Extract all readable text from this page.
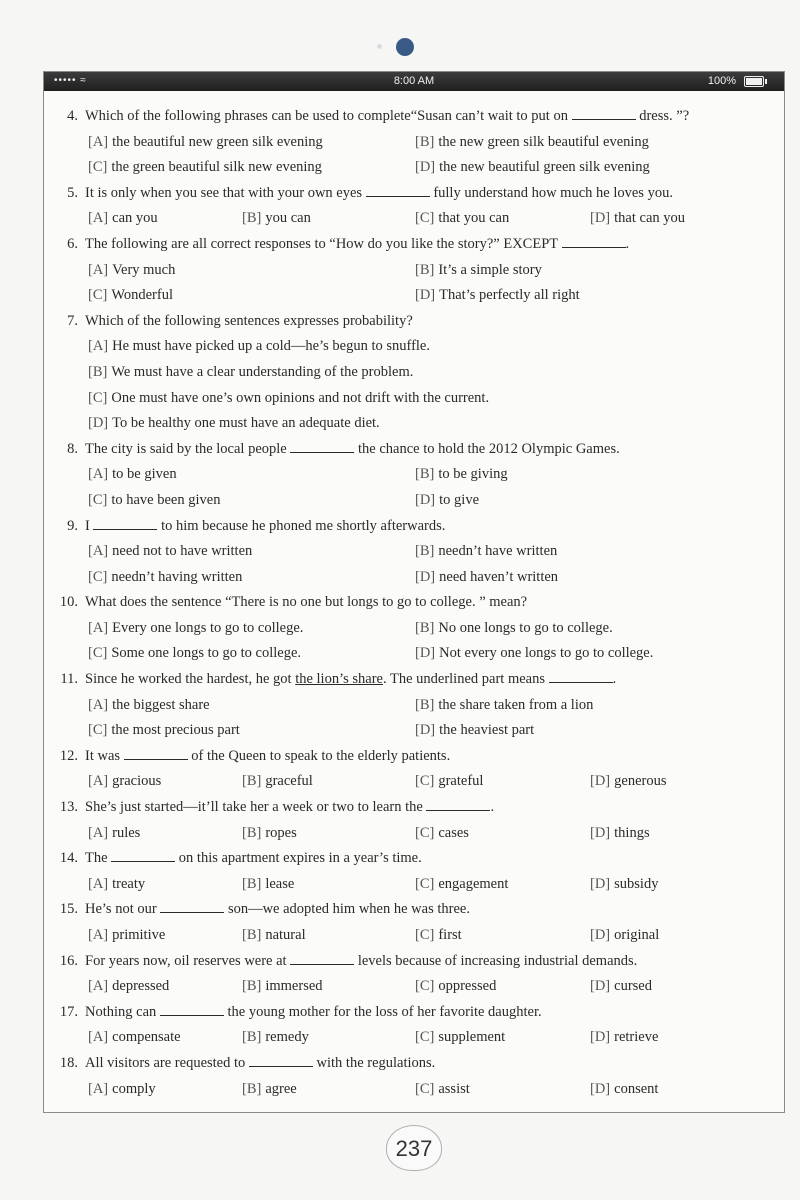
••••• ≈	8:00 AM	100%
4. Which of the following phrases can be used to complete“Susan can’t wait to put on	dress. ”?
[A] the beautiful new green silk evening	[B] the new green silk beautiful evening
[C] the green beautiful silk new evening	[D] the new beautiful green silk evening
5. It is only when you see that with your own eyes	fully understand how much he loves you.
[A] can you	[B] you can	[C] that you can	[D] that can you
6. The following are all correct responses to “How do you like the story?” EXCEPT	.
[A] Very much	[B] It’s a simple story
[C] Wonderful	[D] That’s perfectly all right
7. Which of the following sentences expresses probability?
[A] He must have picked up a cold—he’s begun to snuffle.
[B] We must have a clear understanding of the problem.
[C] One must have one’s own opinions and not drift with the current.
[D] To be healthy one must have an adequate diet.
8. The city is said by the local people	the chance to hold the 2012 Olympic Games.
[A] to be given	[B] to be giving
[C] to have been given	[D] to give
9. I	to him because he phoned me shortly afterwards.
[A] need not to have written	[B] needn’t have written
[C] needn’t having written	[D] need haven’t written
10. What does the sentence “There is no one but longs to go to college. ” mean?
[A] Every one longs to go to college.	[B] No one longs to go to college.
[C] Some one longs to go to college.	[D] Not every one longs to go to college.
11. Since he worked the hardest, he got the lion’s share. The underlined part means	.
[A] the biggest share	[B] the share taken from a lion
[C] the most precious part	[D] the heaviest part
12. It was	of the Queen to speak to the elderly patients.
[A] gracious	[B] graceful	[C] grateful	[D] generous
13. She’s just started—it’ll take her a week or two to learn the	.
[A] rules	[B] ropes	[C] cases	[D] things
14. The	on this apartment expires in a year’s time.
[A] treaty	[B] lease	[C] engagement	[D] subsidy
15. He’s not our	son—we adopted him when he was three.
[A] primitive	[B] natural	[C] first	[D] original
16. For years now, oil reserves were at	levels because of increasing industrial demands.
[A] depressed	[B] immersed	[C] oppressed	[D] cursed
17. Nothing can	the young mother for the loss of her favorite daughter.
[A] compensate	[B] remedy	[C] supplement	[D] retrieve
18. All visitors are requested to	with the regulations.
[A] comply	[B] agree	[C] assist	[D] consent
237
